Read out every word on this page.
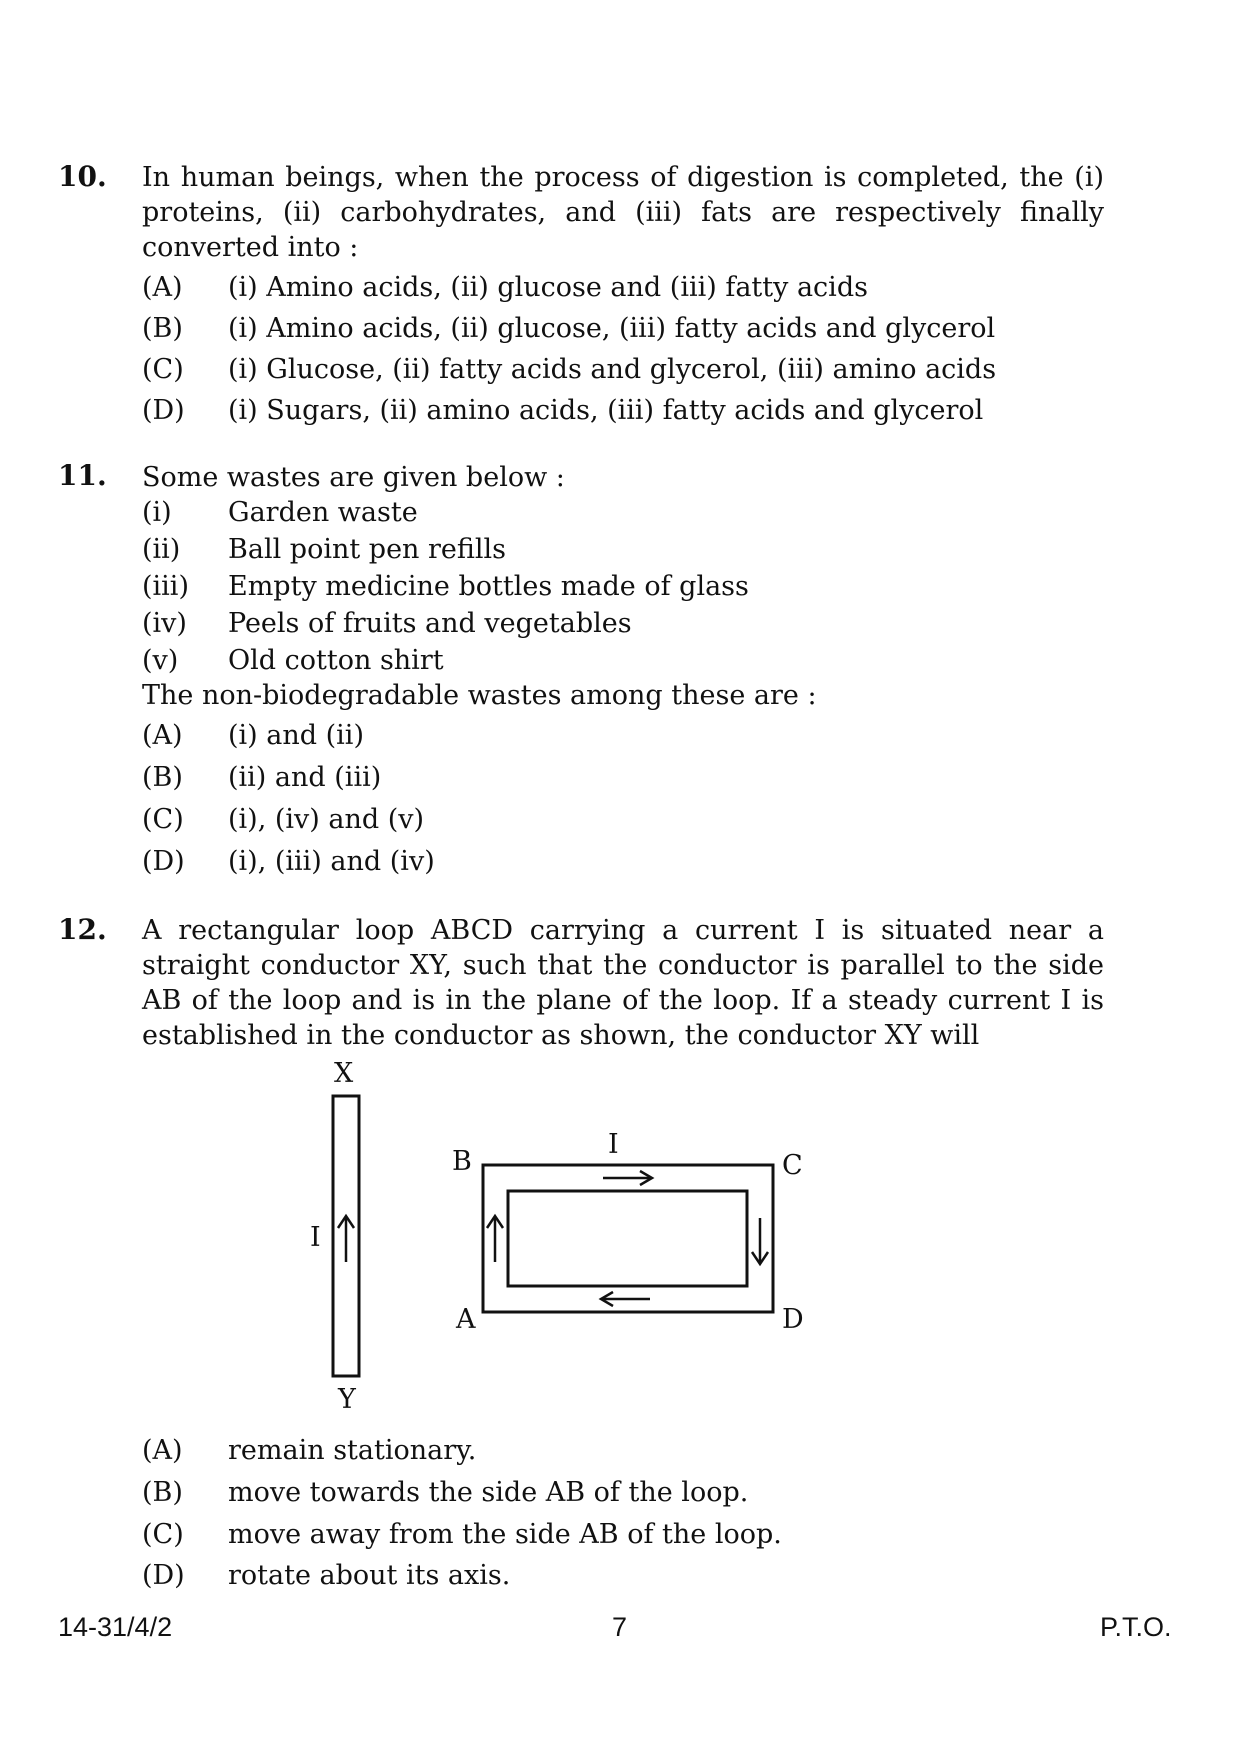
10. In human beings, when the process of digestion is completed, the (i) proteins, (ii) carbohydrates, and (iii) fats are respectively finally converted into :
(A) (i) Amino acids, (ii) glucose and (iii) fatty acids
(B) (i) Amino acids, (ii) glucose, (iii) fatty acids and glycerol
(C) (i) Glucose, (ii) fatty acids and glycerol, (iii) amino acids
(D) (i) Sugars, (ii) amino acids, (iii) fatty acids and glycerol
11. Some wastes are given below :
(i) Garden waste
(ii) Ball point pen refills
(iii) Empty medicine bottles made of glass
(iv) Peels of fruits and vegetables
(v) Old cotton shirt
The non-biodegradable wastes among these are :
(A) (i) and (ii)
(B) (ii) and (iii)
(C) (i), (iv) and (v)
(D) (i), (iii) and (iv)
12. A rectangular loop ABCD carrying a current I is situated near a straight conductor XY, such that the conductor is parallel to the side AB of the loop and is in the plane of the loop. If a steady current I is established in the conductor as shown, the conductor XY will
X
Y
I
B	C
A	D
I
(A) remain stationary.
(B) move towards the side AB of the loop.
(C) move away from the side AB of the loop.
(D) rotate about its axis.
14-31/4/2	7	P.T.O.
